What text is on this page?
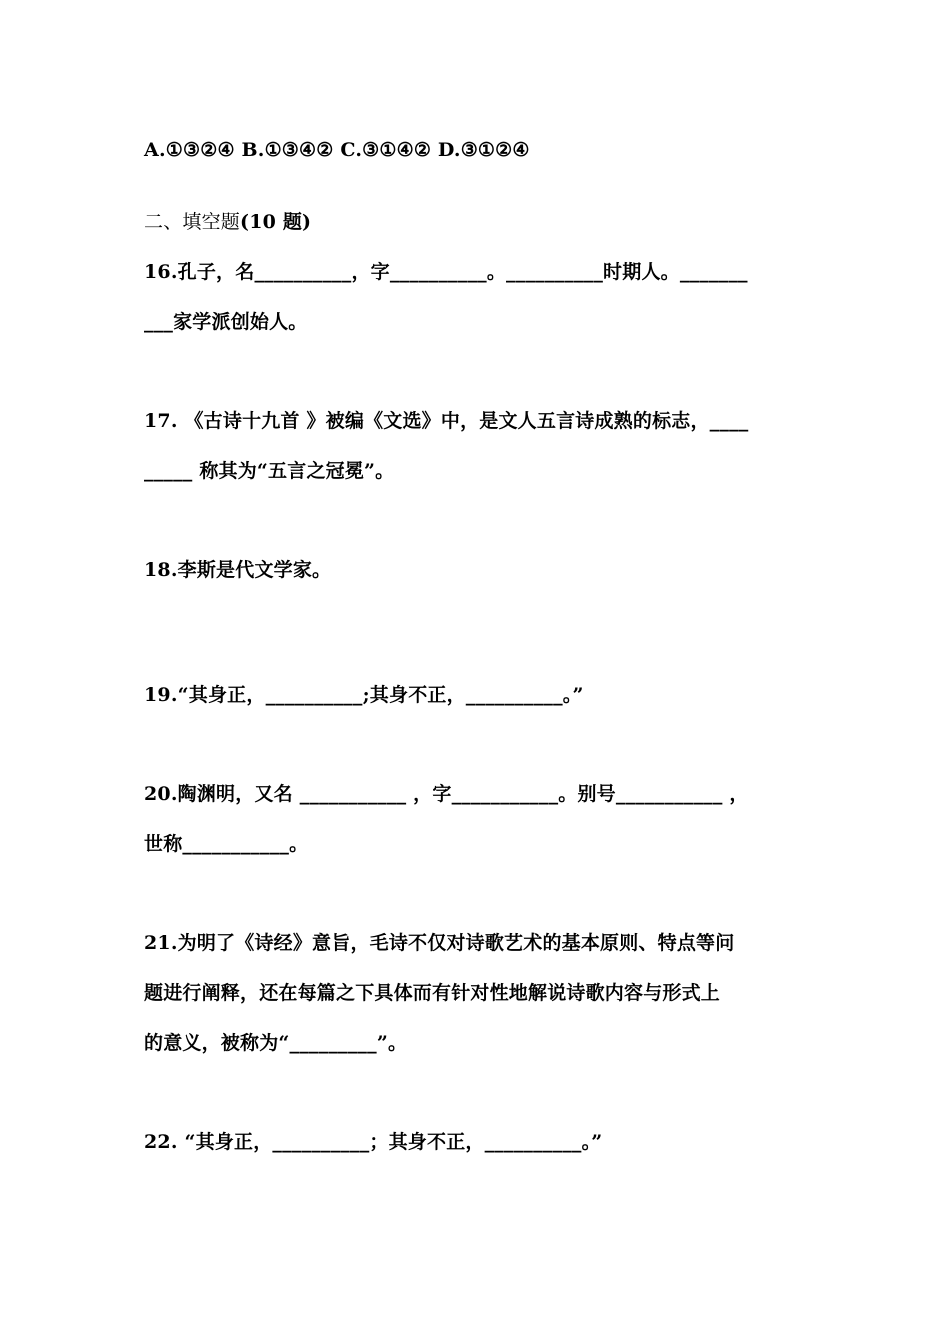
A.①③②④ B.①③④② C.③①④② D.③①②④
二、填空题(10 题)
16.孔子，名__________，字__________。__________时期人。_______
___家学派创始人。
17. 《古诗十九首 》被编《文选》中，是文人五言诗成熟的标志，____
_____ 称其为“五言之冠冕”。
18.李斯是代文学家。
19.“其身正，__________;其身不正，__________。”
20.陶渊明，又名 ___________ ，字___________。别号___________ ，
世称___________。
21.为明了《诗经》意旨，毛诗不仅对诗歌艺术的基本原则、特点等问
题进行阐释，还在每篇之下具体而有针对性地解说诗歌内容与形式上
的意义，被称为“_________”。
22. “其身正，__________；其身不正，__________。”
